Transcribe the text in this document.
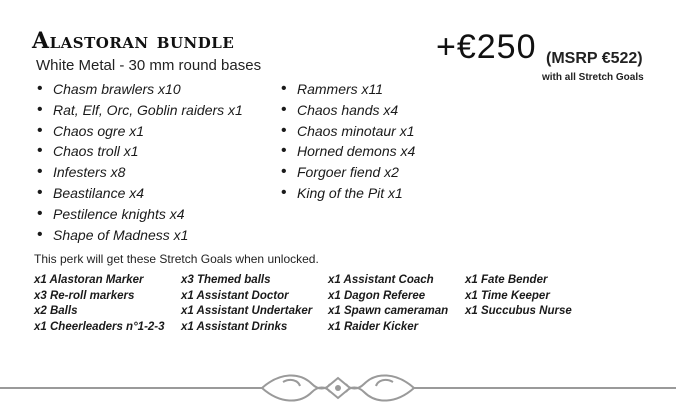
Alastoran bundle
White Metal - 30 mm round bases	+€250 (MSRP €522)
with all Stretch Goals
• Chasm brawlers x10
• Rat, Elf, Orc, Goblin raiders x1
• Chaos ogre x1
• Chaos troll x1
• Infesters x8
• Beastilance x4
• Pestilence knights x4
• Shape of Madness x1
• Rammers x11
• Chaos hands x4
• Chaos minotaur x1
• Horned demons x4
• Forgoer fiend x2
• King of the Pit x1
This perk will get these Stretch Goals when unlocked.
x1 Alastoran Marker
x3 Re-roll markers
x2 Balls
x1 Cheerleaders n°1-2-3
x3 Themed balls
x1 Assistant Doctor
x1 Assistant Undertaker
x1 Assistant Drinks
x1 Assistant Coach
x1 Dagon Referee
x1 Spawn cameraman
x1 Raider Kicker
x1 Fate Bender
x1 Time Keeper
x1 Succubus Nurse
